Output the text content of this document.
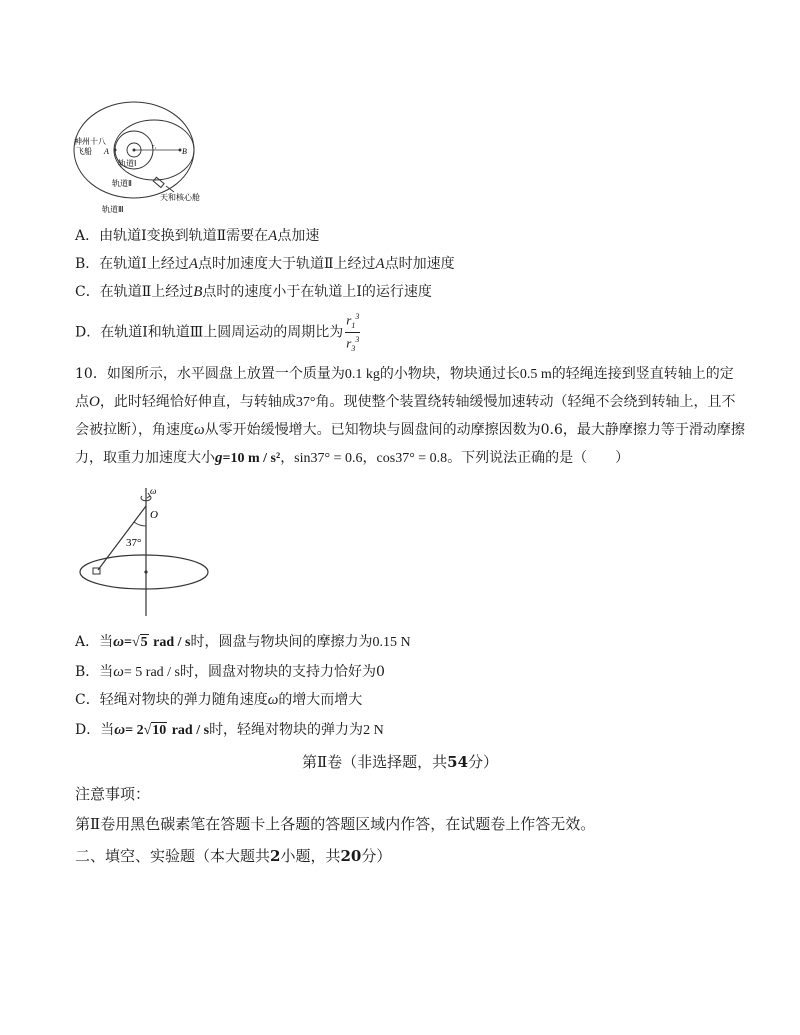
神州十八
飞船 A	B
r₁
轨道Ⅰ
轨道Ⅱ
天和核心舱
轨道Ⅲ
A．由轨道Ⅰ变换到轨道Ⅱ需要在A点加速
B．在轨道Ⅰ上经过A点时加速度大于轨道Ⅱ上经过A点时加速度
C．在轨道Ⅱ上经过B点时的速度小于在轨道上Ⅰ的运行速度
D．在轨道Ⅰ和轨道Ⅲ上圆周运动的周期比为 $\frac{r_1^3}{r_3^3}$
10．如图所示，水平圆盘上放置一个质量为0.1 kg的小物块，物块通过长0.5 m的轻绳连接到竖直转轴上的定
点O，此时轻绳恰好伸直，与转轴成37°角。现使整个装置绕转轴缓慢加速转动（轻绳不会绕到转轴上，且不
会被拉断），角速度ω从零开始缓慢增大。已知物块与圆盘间的动摩擦因数为0.6，最大静摩擦力等于滑动摩擦
力，取重力加速度大小g=10 m / s²，sin37° = 0.6，cos37° = 0.8。下列说法正确的是（　　）
ω
O
37°
A．当ω=√5 rad / s时，圆盘与物块间的摩擦力为0.15 N
B．当ω= 5 rad / s时，圆盘对物块的支持力恰好为0
C．轻绳对物块的弹力随角速度ω的增大而增大
D．当ω= 2√10 rad / s时，轻绳对物块的弹力为2 N
第Ⅱ卷（非选择题，共54分）
注意事项：
第Ⅱ卷用黑色碳素笔在答题卡上各题的答题区域内作答，在试题卷上作答无效。
二、填空、实验题（本大题共2小题，共20分）
